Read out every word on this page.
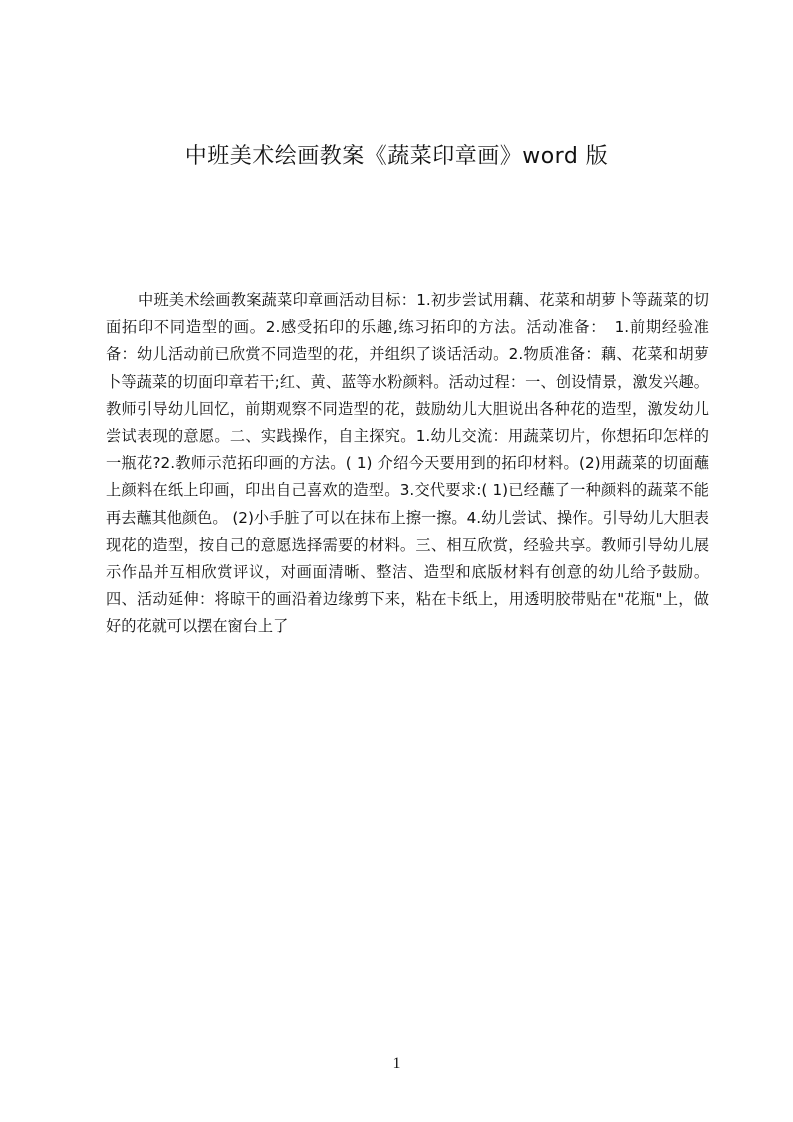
中班美术绘画教案《蔬菜印章画》word 版

中班美术绘画教案蔬菜印章画活动目标：1.初步尝试用藕、花菜和胡萝卜等蔬菜的切面拓印不同造型的画。2.感受拓印的乐趣,练习拓印的方法。活动准备：　1.前期经验准备：幼儿活动前已欣赏不同造型的花，并组织了谈话活动。2.物质准备：藕、花菜和胡萝卜等蔬菜的切面印章若干;红、黄、蓝等水粉颜料。活动过程：一、创设情景，激发兴趣。教师引导幼儿回忆，前期观察不同造型的花，鼓励幼儿大胆说出各种花的造型，激发幼儿尝试表现的意愿。二、实践操作，自主探究。1.幼儿交流：用蔬菜切片，你想拓印怎样的一瓶花?2.教师示范拓印画的方法。( 1) 介绍今天要用到的拓印材料。(2)用蔬菜的切面蘸上颜料在纸上印画，印出自己喜欢的造型。3.交代要求:( 1)已经蘸了一种颜料的蔬菜不能再去蘸其他颜色。 (2)小手脏了可以在抹布上擦一擦。4.幼儿尝试、操作。引导幼儿大胆表现花的造型，按自己的意愿选择需要的材料。三、相互欣赏，经验共享。教师引导幼儿展示作品并互相欣赏评议，对画面清晰、整洁、造型和底版材料有创意的幼儿给予鼓励。四、活动延伸：将晾干的画沿着边缘剪下来，粘在卡纸上，用透明胶带贴在"花瓶"上，做好的花就可以摆在窗台上了

1
